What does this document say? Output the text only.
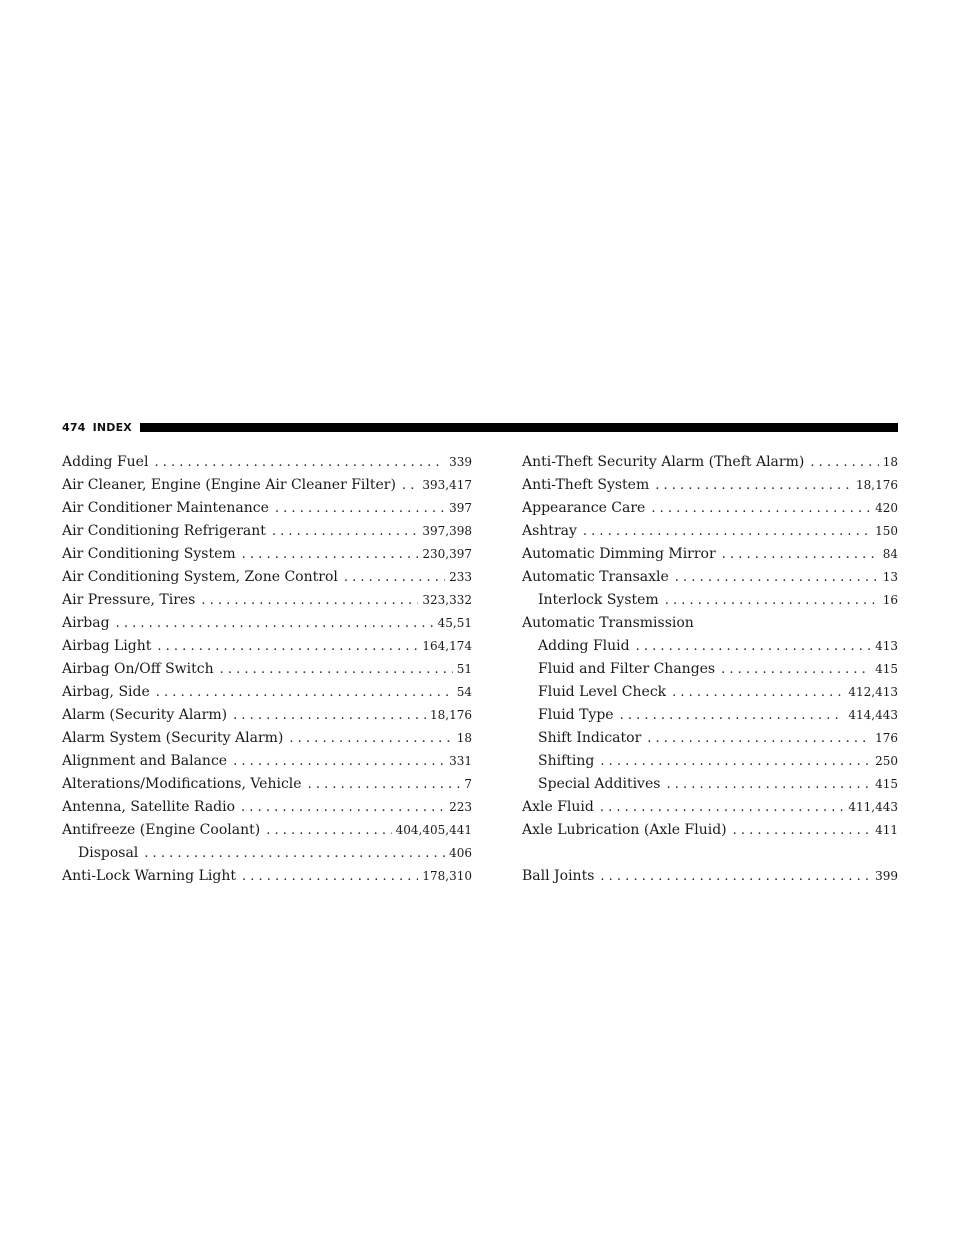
474 INDEX
Adding Fuel . . .	339
Air Cleaner, Engine (Engine Air Cleaner Filter) . . . 393,417
Air Conditioner Maintenance . . .	397
Air Conditioning Refrigerant . . .	397,398
Air Conditioning System . . .	230,397
Air Conditioning System, Zone Control . . .	233
Air Pressure, Tires . . .	323,332
Airbag . . .	45,51
Airbag Light . . .	164,174
Airbag On/Off Switch . . .	51
Airbag, Side . . .	54
Alarm (Security Alarm) . . .	18,176
Alarm System (Security Alarm) . . .	18
Alignment and Balance . . .	331
Alterations/Modifications, Vehicle . . .	7
Antenna, Satellite Radio . . .	223
Antifreeze (Engine Coolant) . . .	404,405,441
Disposal . . .	406
Anti-Lock Warning Light . . .	178,310
Anti-Theft Security Alarm (Theft Alarm) . . .	18
Anti-Theft System . . .	18,176
Appearance Care . . .	420
Ashtray . . .	150
Automatic Dimming Mirror . . .	84
Automatic Transaxle . . .	13
Interlock System . . .	16
Automatic Transmission
Adding Fluid . . .	413
Fluid and Filter Changes . . .	415
Fluid Level Check . . .	412,413
Fluid Type . . .	414,443
Shift Indicator . . .	176
Shifting . . .	250
Special Additives . . .	415
Axle Fluid . . .	411,443
Axle Lubrication (Axle Fluid) . . .	411
Ball Joints . . .	399
